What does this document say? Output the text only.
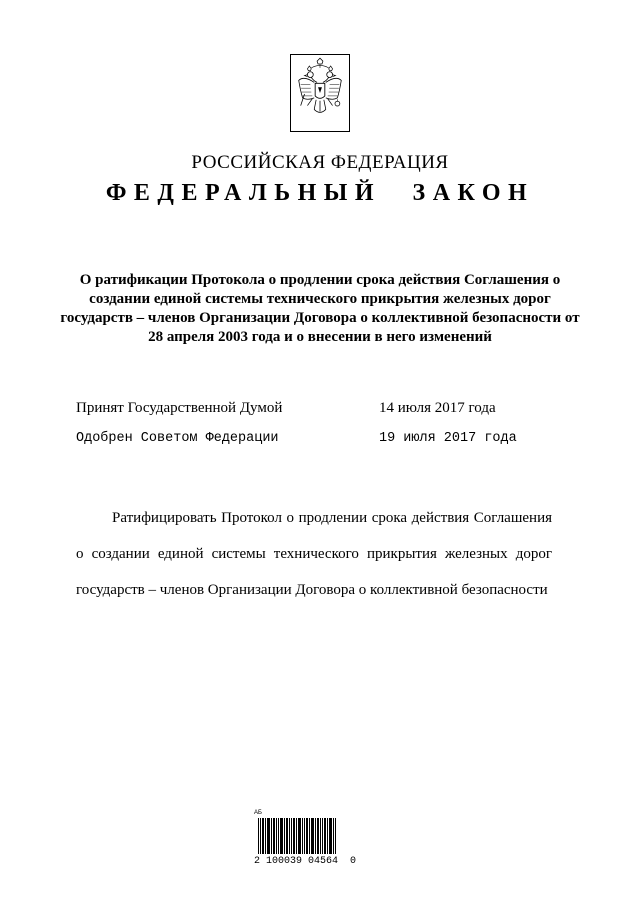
РОССИЙСКАЯ ФЕДЕРАЦИЯ
ФЕДЕРАЛЬНЫЙ ЗАКОН
О ратификации Протокола о продлении срока действия Соглашения о создании единой системы технического прикрытия железных дорог государств – членов Организации Договора о коллективной безопасности от 28 апреля 2003 года и о внесении в него изменений
Принят Государственной Думой	14 июля 2017 года
Одобрен Советом Федерации	19 июля 2017 года
Ратифицировать Протокол о продлении срока действия Соглашения о создании единой системы технического прикрытия железных дорог государств – членов Организации Договора о коллективной безопасности
АБ
2 100039 04564  0
